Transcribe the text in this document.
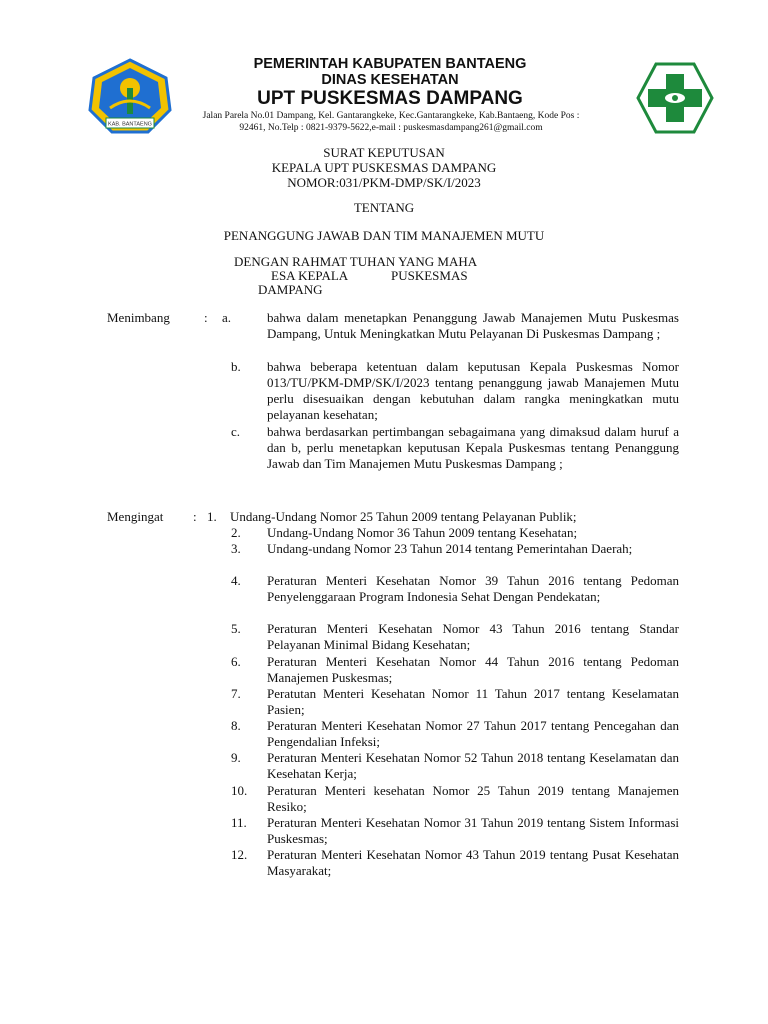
KAB. BANTAENG
PEMERINTAH KABUPATEN BANTAENG
DINAS KESEHATAN
UPT PUSKESMAS DAMPANG
Jalan Parela No.01 Dampang, Kel. Gantarangkeke, Kec.Gantarangkeke, Kab.Bantaeng, Kode Pos :
92461, No.Telp : 0821-9379-5622,e-mail : puskesmasdampang261@gmail.com
SURAT KEPUTUSAN
KEPALA UPT PUSKESMAS DAMPANG
NOMOR:031/PKM-DMP/SK/I/2023
TENTANG
PENANGGUNG JAWAB DAN TIM MANAJEMEN MUTU
DENGAN RAHMAT TUHAN YANG MAHA
ESA KEPALA	PUSKESMAS
DAMPANG
Menimbang	: a.	bahwa dalam menetapkan Penanggung Jawab Manajemen Mutu Puskesmas Dampang, Untuk Meningkatkan Mutu Pelayanan Di Puskesmas Dampang ;
b. bahwa beberapa ketentuan dalam keputusan Kepala Puskesmas Nomor 013/TU/PKM-DMP/SK/I/2023 tentang penanggung jawab Manajemen Mutu perlu disesuaikan dengan kebutuhan dalam rangka meningkatkan mutu pelayanan kesehatan;
c. bahwa berdasarkan pertimbangan sebagaimana yang dimaksud dalam huruf a dan b, perlu menetapkan keputusan Kepala Puskesmas tentang Penanggung Jawab dan Tim Manajemen Mutu Puskesmas Dampang ;
Mengingat : 1. Undang-Undang Nomor 25 Tahun 2009 tentang Pelayanan Publik;
2. Undang-Undang Nomor 36 Tahun 2009 tentang Kesehatan;
3. Undang-undang Nomor 23 Tahun 2014 tentang Pemerintahan Daerah;
4. Peraturan Menteri Kesehatan Nomor 39 Tahun 2016 tentang Pedoman Penyelenggaraan Program Indonesia Sehat Dengan Pendekatan;
5. Peraturan Menteri Kesehatan Nomor 43 Tahun 2016 tentang Standar Pelayanan Minimal Bidang Kesehatan;
6. Peraturan Menteri Kesehatan Nomor 44 Tahun 2016 tentang Pedoman Manajemen Puskesmas;
7. Peratutan Menteri Kesehatan Nomor 11 Tahun 2017 tentang Keselamatan Pasien;
8. Peraturan Menteri Kesehatan Nomor 27 Tahun 2017 tentang Pencegahan dan Pengendalian Infeksi;
9. Peraturan Menteri Kesehatan Nomor 52 Tahun 2018 tentang Keselamatan dan Kesehatan Kerja;
10. Peraturan Menteri kesehatan Nomor 25 Tahun 2019 tentang Manajemen Resiko;
11. Peraturan Menteri Kesehatan Nomor 31 Tahun 2019 tentang Sistem Informasi Puskesmas;
12. Peraturan Menteri Kesehatan Nomor 43 Tahun 2019 tentang Pusat Kesehatan Masyarakat;
